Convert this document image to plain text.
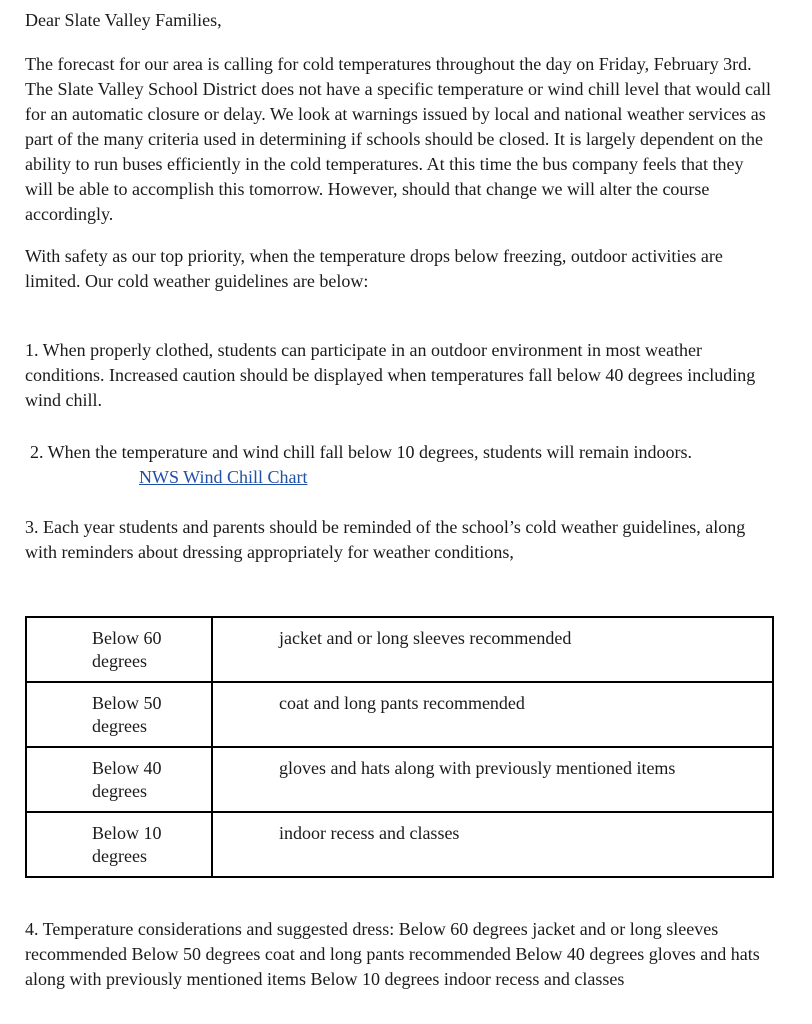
Dear Slate Valley Families,

The forecast for our area is calling for cold temperatures throughout the day on Friday, February 3rd. The Slate Valley School District does not have a specific temperature or wind chill level that would call for an automatic closure or delay. We look at warnings issued by local and national weather services as part of the many criteria used in determining if schools should be closed. It is largely dependent on the ability to run buses efficiently in the cold temperatures. At this time the bus company feels that they will be able to accomplish this tomorrow. However, should that change we will alter the course accordingly.

With safety as our top priority, when the temperature drops below freezing, outdoor activities are limited. Our cold weather guidelines are below:

1. When properly clothed, students can participate in an outdoor environment in most weather conditions. Increased caution should be displayed when temperatures fall below 40 degrees including wind chill.

2. When the temperature and wind chill fall below 10 degrees, students will remain indoors.
NWS Wind Chill Chart

3. Each year students and parents should be reminded of the school’s cold weather guidelines, along with reminders about dressing appropriately for weather conditions,

Below 60 degrees	jacket and or long sleeves recommended
Below 50 degrees	coat and long pants recommended
Below 40 degrees	gloves and hats along with previously mentioned items
Below 10 degrees	indoor recess and classes

4. Temperature considerations and suggested dress: Below 60 degrees jacket and or long sleeves recommended Below 50 degrees coat and long pants recommended Below 40 degrees gloves and hats along with previously mentioned items Below 10 degrees indoor recess and classes
